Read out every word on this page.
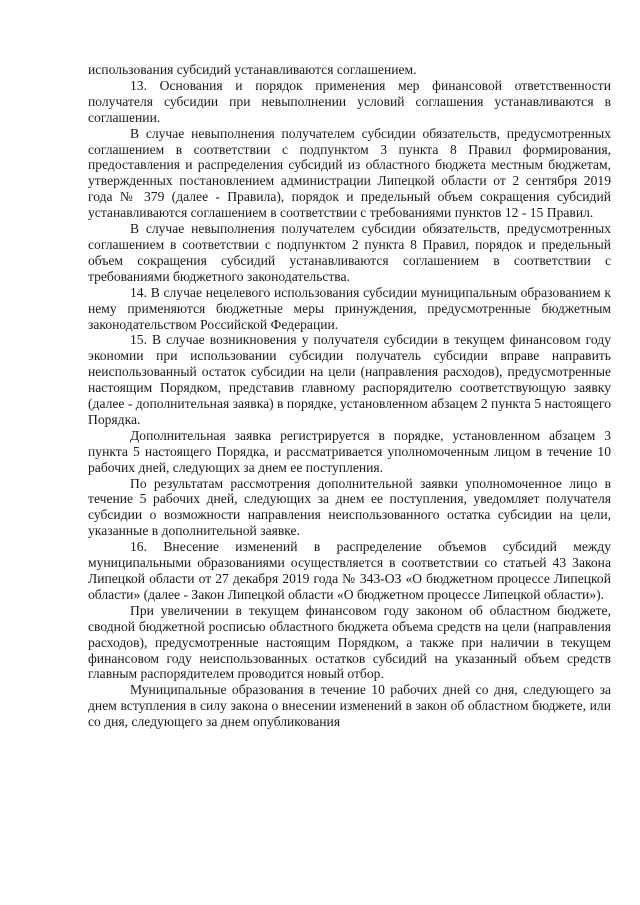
использования субсидий устанавливаются соглашением.

13. Основания и порядок применения мер финансовой ответственности получателя субсидии при невыполнении условий соглашения устанавливаются в соглашении.

В случае невыполнения получателем субсидии обязательств, предусмотренных соглашением в соответствии с подпунктом 3 пункта 8 Правил формирования, предоставления и распределения субсидий из областного бюджета местным бюджетам, утвержденных постановлением администрации Липецкой области от 2 сентября 2019 года № 379 (далее - Правила), порядок и предельный объем сокращения субсидий устанавливаются соглашением в соответствии с требованиями пунктов 12 - 15 Правил.

В случае невыполнения получателем субсидии обязательств, предусмотренных соглашением в соответствии с подпунктом 2 пункта 8 Правил, порядок и предельный объем сокращения субсидий устанавливаются соглашением в соответствии с требованиями бюджетного законодательства.

14. В случае нецелевого использования субсидии муниципальным образованием к нему применяются бюджетные меры принуждения, предусмотренные бюджетным законодательством Российской Федерации.

15. В случае возникновения у получателя субсидии в текущем финансовом году экономии при использовании субсидии получатель субсидии вправе направить неиспользованный остаток субсидии на цели (направления расходов), предусмотренные настоящим Порядком, представив главному распорядителю соответствующую заявку (далее - дополнительная заявка) в порядке, установленном абзацем 2 пункта 5 настоящего Порядка.

Дополнительная заявка регистрируется в порядке, установленном абзацем 3 пункта 5 настоящего Порядка, и рассматривается уполномоченным лицом в течение 10 рабочих дней, следующих за днем ее поступления.

По результатам рассмотрения дополнительной заявки уполномоченное лицо в течение 5 рабочих дней, следующих за днем ее поступления, уведомляет получателя субсидии о возможности направления неиспользованного остатка субсидии на цели, указанные в дополнительной заявке.

16. Внесение изменений в распределение объемов субсидий между муниципальными образованиями осуществляется в соответствии со статьей 43 Закона Липецкой области от 27 декабря 2019 года № 343-ОЗ «О бюджетном процессе Липецкой области» (далее - Закон Липецкой области «О бюджетном процессе Липецкой области»).

При увеличении в текущем финансовом году законом об областном бюджете, сводной бюджетной росписью областного бюджета объема средств на цели (направления расходов), предусмотренные настоящим Порядком, а также при наличии в текущем финансовом году неиспользованных остатков субсидий на указанный объем средств главным распорядителем проводится новый отбор.

Муниципальные образования в течение 10 рабочих дней со дня, следующего за днем вступления в силу закона о внесении изменений в закон об областном бюджете, или со дня, следующего за днем опубликования
